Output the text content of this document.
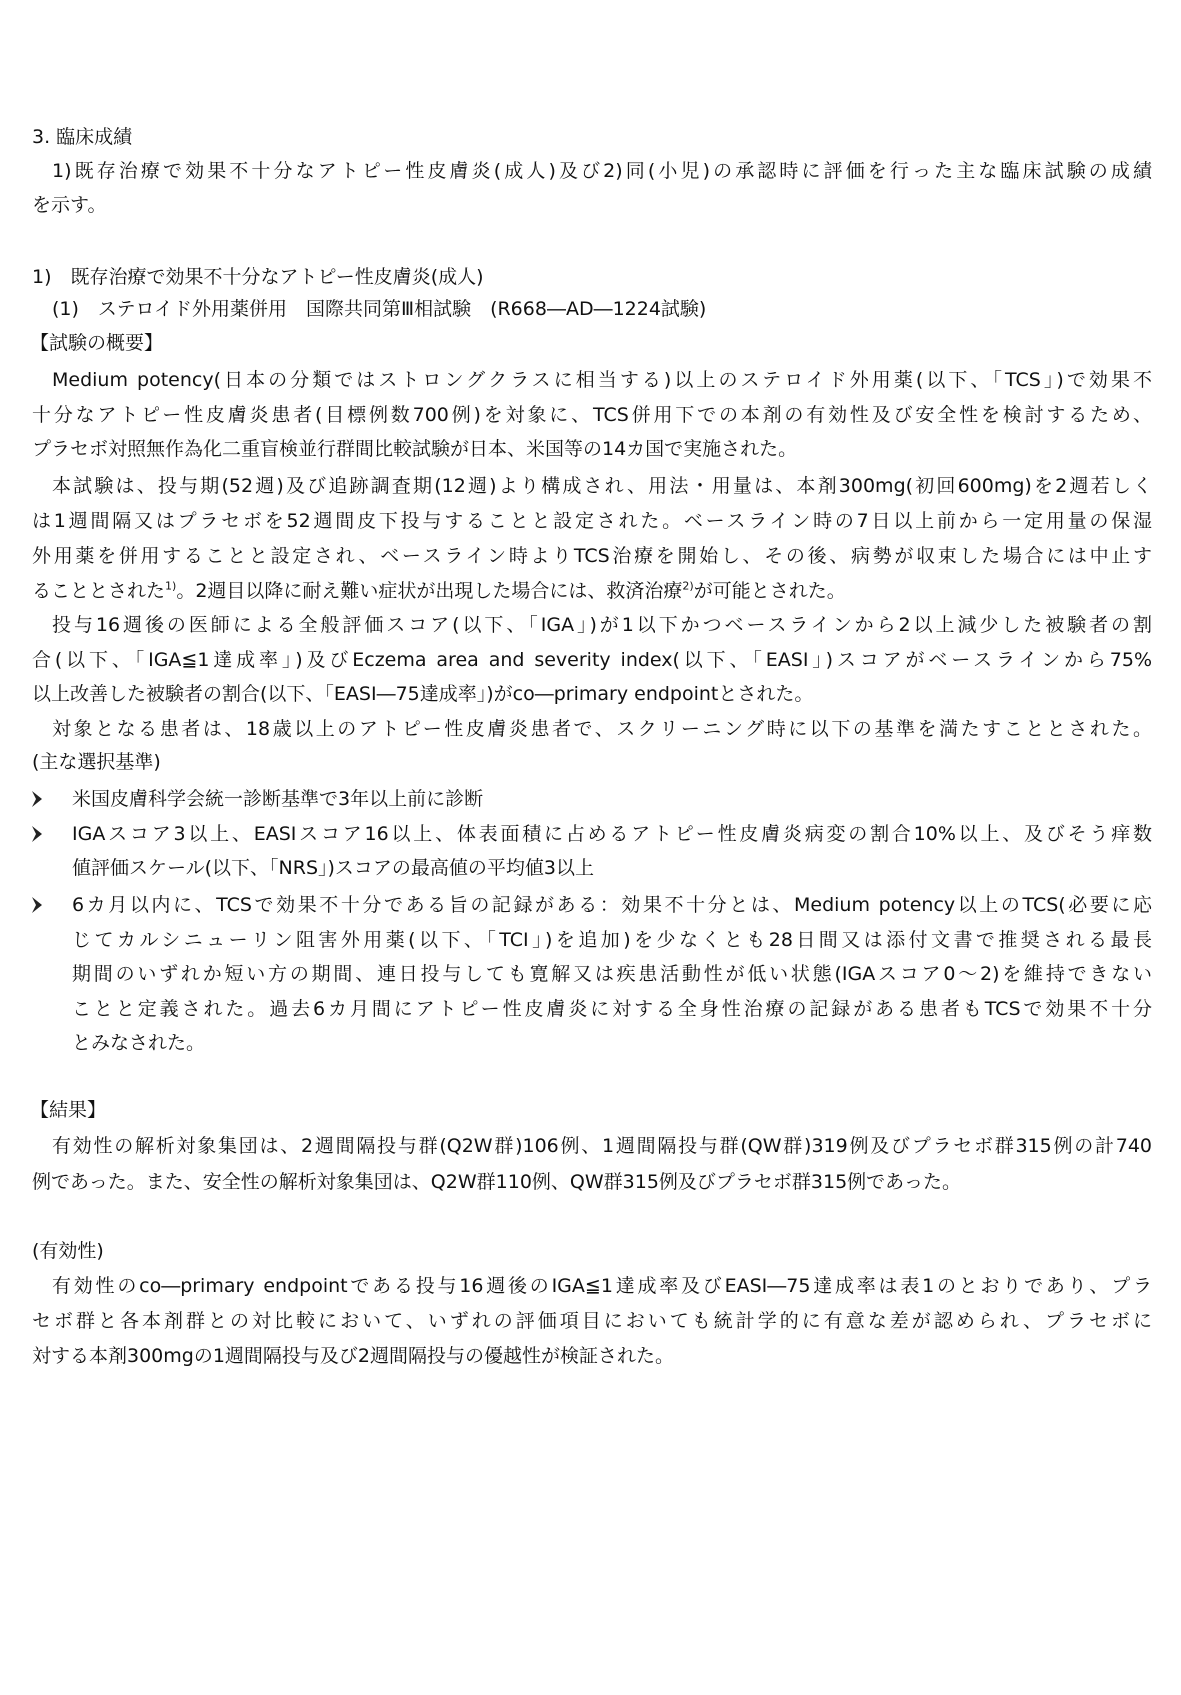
3. 臨床成績
1)既存治療で効果不十分なアトピー性皮膚炎(成人)及び2)同(小児)の承認時に評価を行った主な臨床試験の成績
を示す。
1)　既存治療で効果不十分なアトピー性皮膚炎(成人)
(1)　ステロイド外用薬併用　国際共同第Ⅲ相試験　(R668―AD―1224試験)
【試験の概要】
Medium potency(日本の分類ではストロングクラスに相当する)以上のステロイド外用薬(以下、「TCS」)で効果不
十分なアトピー性皮膚炎患者(目標例数700例)を対象に、TCS併用下での本剤の有効性及び安全性を検討するため、
プラセボ対照無作為化二重盲検並行群間比較試験が日本、米国等の14カ国で実施された。
本試験は、投与期(52週)及び追跡調査期(12週)より構成され、用法・用量は、本剤300mg(初回600mg)を2週若しく
は1週間隔又はプラセボを52週間皮下投与することと設定された。ベースライン時の7日以上前から一定用量の保湿
外用薬を併用することと設定され、ベースライン時よりTCS治療を開始し、その後、病勢が収束した場合には中止す
ることとされた$^{1)}$。2週目以降に耐え難い症状が出現した場合には、救済治療$^{2)}$が可能とされた。
投与16週後の医師による全般評価スコア(以下、「IGA」)が1以下かつベースラインから2以上減少した被験者の割
合(以下、「IGA≦1達成率」)及びEczema area and severity index(以下、「EASI」)スコアがベースラインから75%
以上改善した被験者の割合(以下、「EASI―75達成率」)がco―primary endpointとされた。
対象となる患者は、18歳以上のアトピー性皮膚炎患者で、スクリーニング時に以下の基準を満たすこととされた。
(主な選択基準)
米国皮膚科学会統一診断基準で3年以上前に診断
IGAスコア3以上、EASIスコア16以上、体表面積に占めるアトピー性皮膚炎病変の割合10%以上、及びそう痒数
値評価スケール(以下、「NRS」)スコアの最高値の平均値3以上
6カ月以内に、TCSで効果不十分である旨の記録がある：効果不十分とは、Medium potency以上のTCS(必要に応
じてカルシニューリン阻害外用薬(以下、「TCI」)を追加)を少なくとも28日間又は添付文書で推奨される最長
期間のいずれか短い方の期間、連日投与しても寛解又は疾患活動性が低い状態(IGAスコア0～2)を維持できない
ことと定義された。過去6カ月間にアトピー性皮膚炎に対する全身性治療の記録がある患者もTCSで効果不十分
とみなされた。
【結果】
有効性の解析対象集団は、2週間隔投与群(Q2W群)106例、1週間隔投与群(QW群)319例及びプラセボ群315例の計740
例であった。また、安全性の解析対象集団は、Q2W群110例、QW群315例及びプラセボ群315例であった。
(有効性)
有効性のco―primary endpointである投与16週後のIGA≦1達成率及びEASI―75達成率は表1のとおりであり、プラ
セボ群と各本剤群との対比較において、いずれの評価項目においても統計学的に有意な差が認められ、プラセボに
対する本剤300mgの1週間隔投与及び2週間隔投与の優越性が検証された。
